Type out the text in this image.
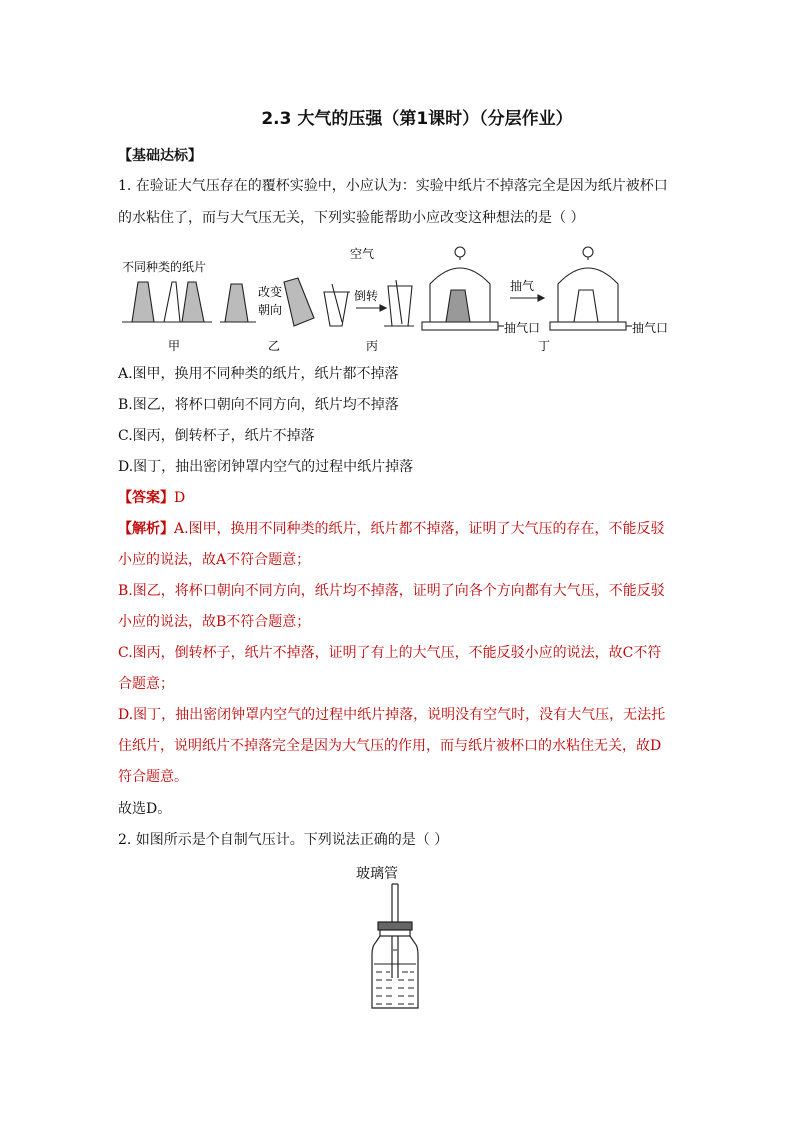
2.3 大气的压强（第1课时）（分层作业）
【基础达标】
1. 在验证大气压存在的覆杯实验中，小应认为：实验中纸片不掉落完全是因为纸片被杯口
的水粘住了，而与大气压无关，下列实验能帮助小应改变这种想法的是（ ）
不同种类的纸片
改变
朝向
空气
倒转
抽气
抽气口	抽气口
甲	乙	丙	丁
A.图甲，换用不同种类的纸片，纸片都不掉落
B.图乙，将杯口朝向不同方向，纸片均不掉落
C.图丙，倒转杯子，纸片不掉落
D.图丁，抽出密闭钟罩内空气的过程中纸片掉落
【答案】D
【解析】A.图甲，换用不同种类的纸片，纸片都不掉落，证明了大气压的存在，不能反驳
小应的说法，故A不符合题意；
B.图乙，将杯口朝向不同方向，纸片均不掉落，证明了向各个方向都有大气压，不能反驳
小应的说法，故B不符合题意；
C.图丙，倒转杯子，纸片不掉落，证明了有上的大气压，不能反驳小应的说法，故C不符
合题意；
D.图丁，抽出密闭钟罩内空气的过程中纸片掉落，说明没有空气时，没有大气压，无法托
住纸片，说明纸片不掉落完全是因为大气压的作用，而与纸片被杯口的水粘住无关，故D
符合题意。
故选D。
2. 如图所示是个自制气压计。下列说法正确的是（ ）
玻璃管
